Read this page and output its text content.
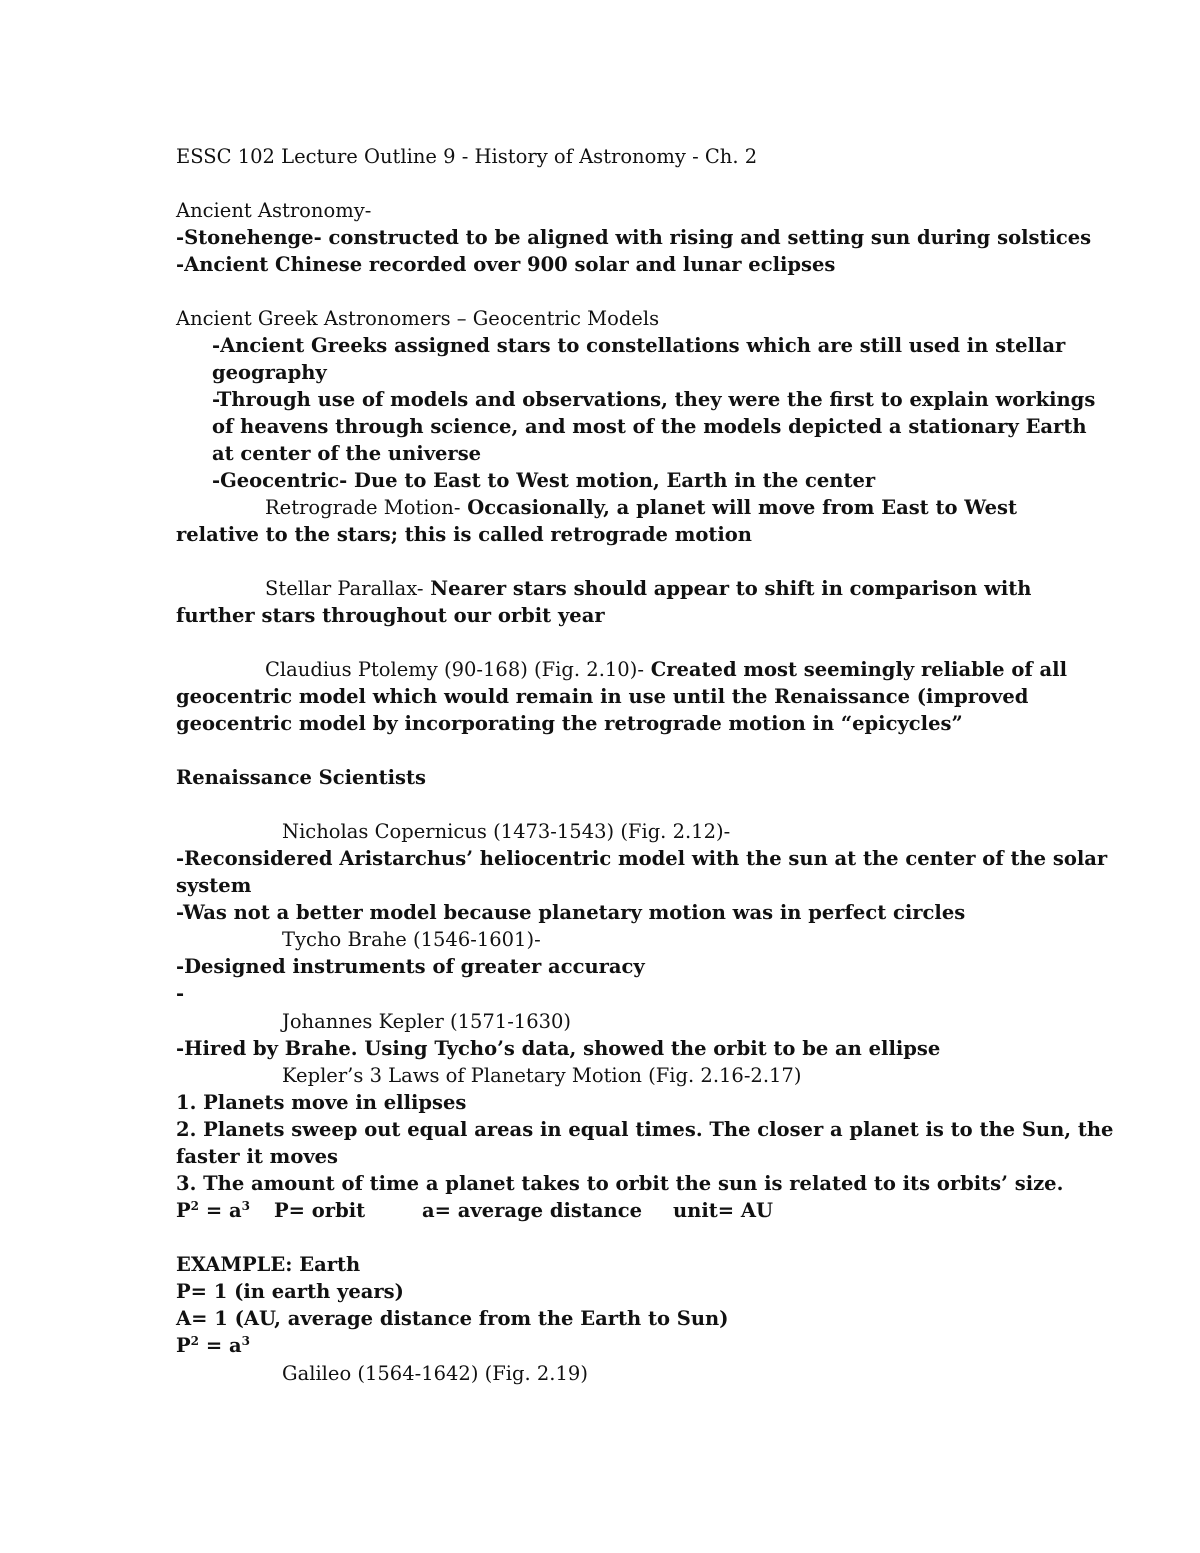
ESSC 102 Lecture Outline 9 - History of Astronomy - Ch. 2
Ancient Astronomy-
-Stonehenge- constructed to be aligned with rising and setting sun during solstices
-Ancient Chinese recorded over 900 solar and lunar eclipses
Ancient Greek Astronomers – Geocentric Models
-Ancient Greeks assigned stars to constellations which are still used in stellar
geography
-Through use of models and observations, they were the first to explain workings
of heavens through science, and most of the models depicted a stationary Earth
at center of the universe
-Geocentric- Due to East to West motion, Earth in the center
Retrograde Motion- Occasionally, a planet will move from East to West
relative to the stars; this is called retrograde motion
Stellar Parallax- Nearer stars should appear to shift in comparison with
further stars throughout our orbit year
Claudius Ptolemy (90-168) (Fig. 2.10)- Created most seemingly reliable of all
geocentric model which would remain in use until the Renaissance (improved
geocentric model by incorporating the retrograde motion in “epicycles”
Renaissance Scientists
Nicholas Copernicus (1473-1543) (Fig. 2.12)-
-Reconsidered Aristarchus’ heliocentric model with the sun at the center of the solar
system
-Was not a better model because planetary motion was in perfect circles
Tycho Brahe (1546-1601)-
-Designed instruments of greater accuracy
-
Johannes Kepler (1571-1630)
-Hired by Brahe. Using Tycho’s data, showed the orbit to be an ellipse
Kepler’s 3 Laws of Planetary Motion (Fig. 2.16-2.17)
1. Planets move in ellipses
2. Planets sweep out equal areas in equal times. The closer a planet is to the Sun, the
faster it moves
3. The amount of time a planet takes to orbit the sun is related to its orbits’ size.
$P^2 = a^3$ P= orbit	a= average distance unit= AU
EXAMPLE: Earth
P= 1 (in earth years)
A= 1 (AU, average distance from the Earth to Sun)
$P^2 = a^3$
Galileo (1564-1642) (Fig. 2.19)
